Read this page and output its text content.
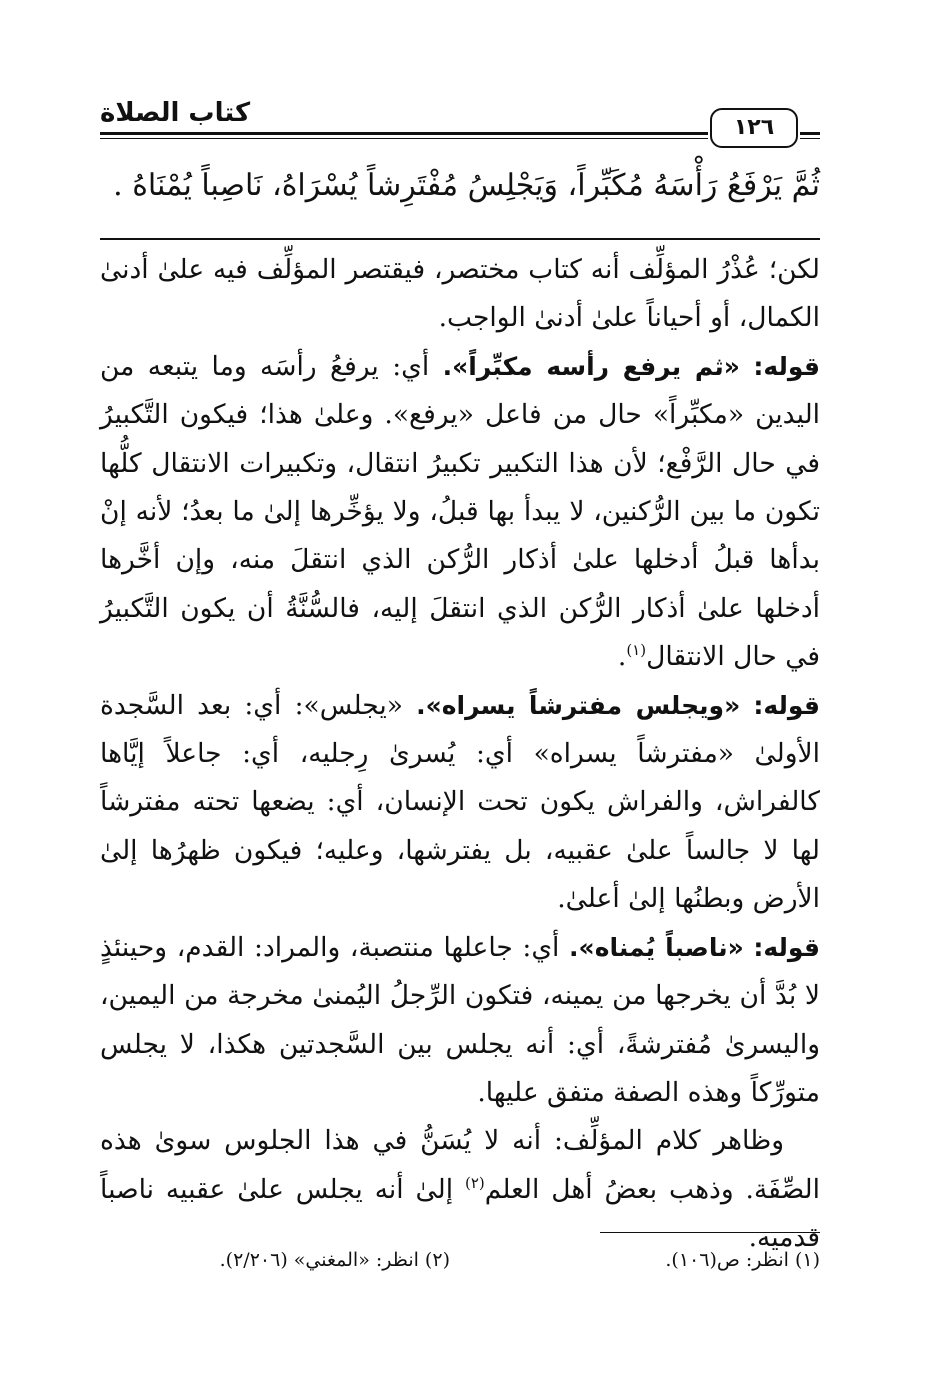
كتاب الصلاة	١٢٦
ثُمَّ يَرْفَعُ رَأْسَهُ مُكَبِّراً، وَيَجْلِسُ مُفْتَرِشاً يُسْرَاهُ، نَاصِباً يُمْنَاهُ .

لكن؛ عُذْرُ المؤلِّف أنه كتاب مختصر، فيقتصر المؤلِّف فيه علىٰ أدنىٰ الكمال، أو أحياناً علىٰ أدنىٰ الواجب.

قوله: «ثم يرفع رأسه مكبِّراً». أي: يرفعُ رأسَه وما يتبعه من اليدين «مكبِّراً» حال من فاعل «يرفع». وعلىٰ هذا؛ فيكون التَّكبيرُ في حال الرَّفْع؛ لأن هذا التكبير تكبيرُ انتقال، وتكبيرات الانتقال كلُّها تكون ما بين الرُّكنين، لا يبدأ بها قبلُ، ولا يؤخِّرها إلىٰ ما بعدُ؛ لأنه إنْ بدأها قبلُ أدخلها علىٰ أذكار الرُّكن الذي انتقلَ منه، وإن أخَّرها أدخلها علىٰ أذكار الرُّكن الذي انتقلَ إليه، فالسُّنَّةُ أن يكون التَّكبيرُ في حال الانتقال$^{(١)}$.

قوله: «ويجلس مفترشاً يسراه». «يجلس»: أي: بعد السَّجدة الأولىٰ «مفترشاً يسراه» أي: يُسرىٰ رِجليه، أي: جاعلاً إيَّاها كالفراش، والفراش يكون تحت الإنسان، أي: يضعها تحته مفترشاً لها لا جالساً علىٰ عقبيه، بل يفترشها، وعليه؛ فيكون ظهرُها إلىٰ الأرض وبطنُها إلىٰ أعلىٰ.

قوله: «ناصباً يُمناه». أي: جاعلها منتصبة، والمراد: القدم، وحينئذٍ لا بُدَّ أن يخرجها من يمينه، فتكون الرِّجلُ اليُمنىٰ مخرجة من اليمين، واليسرىٰ مُفترشةً، أي: أنه يجلس بين السَّجدتين هكذا، لا يجلس متورِّكاً وهذه الصفة متفق عليها.

وظاهر كلام المؤلِّف: أنه لا يُسَنُّ في هذا الجلوس سوىٰ هذه الصِّفَة. وذهب بعضُ أهل العلم$^{(٢)}$ إلىٰ أنه يجلس علىٰ عقبيه ناصباً قدميه.

(١) انظر: ص(١٠٦).
(٢) انظر: «المغني» (٢/٢٠٦).
